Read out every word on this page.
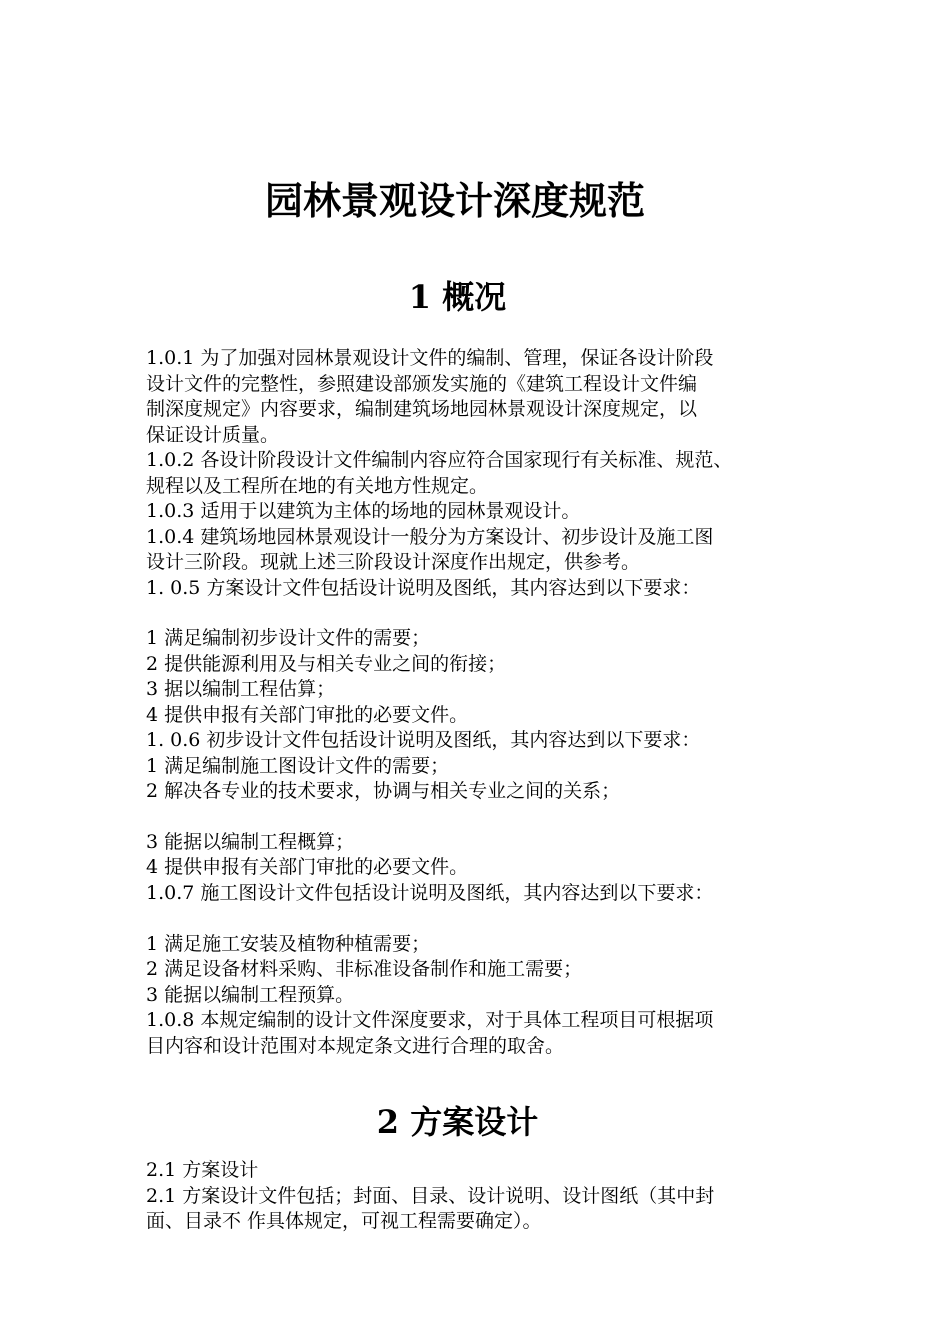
园林景观设计深度规范
1 概况

1.0.1 为了加强对园林景观设计文件的编制、管理，保证各设计阶段

设计文件的完整性，参照建设部颁发实施的《建筑工程设计文件编

制深度规定》内容要求，编制建筑场地园林景观设计深度规定，以

保证设计质量。

1.0.2 各设计阶段设计文件编制内容应符合国家现行有关标准、规范、

规程以及工程所在地的有关地方性规定。

1.0.3 适用于以建筑为主体的场地的园林景观设计。

1.0.4 建筑场地园林景观设计一般分为方案设计、初步设计及施工图

设计三阶段。现就上述三阶段设计深度作出规定，供参考。

1. 0.5 方案设计文件包括设计说明及图纸，其内容达到以下要求：

1 满足编制初步设计文件的需要；

2 提供能源利用及与相关专业之间的衔接；

3 据以编制工程估算；

4 提供申报有关部门审批的必要文件。

1. 0.6 初步设计文件包括设计说明及图纸，其内容达到以下要求：

1 满足编制施工图设计文件的需要；

2 解决各专业的技术要求，协调与相关专业之间的关系；

3 能据以编制工程概算；

4 提供申报有关部门审批的必要文件。

1.0.7 施工图设计文件包括设计说明及图纸，其内容达到以下要求：

1 满足施工安装及植物种植需要；

2 满足设备材料采购、非标准设备制作和施工需要；

3 能据以编制工程预算。

1.0.8 本规定编制的设计文件深度要求，对于具体工程项目可根据项

目内容和设计范围对本规定条文进行合理的取舍。

2 方案设计

2.1 方案设计

2.1 方案设计文件包括；封面、目录、设计说明、设计图纸（其中封

面、目录不 作具体规定，可视工程需要确定）。
